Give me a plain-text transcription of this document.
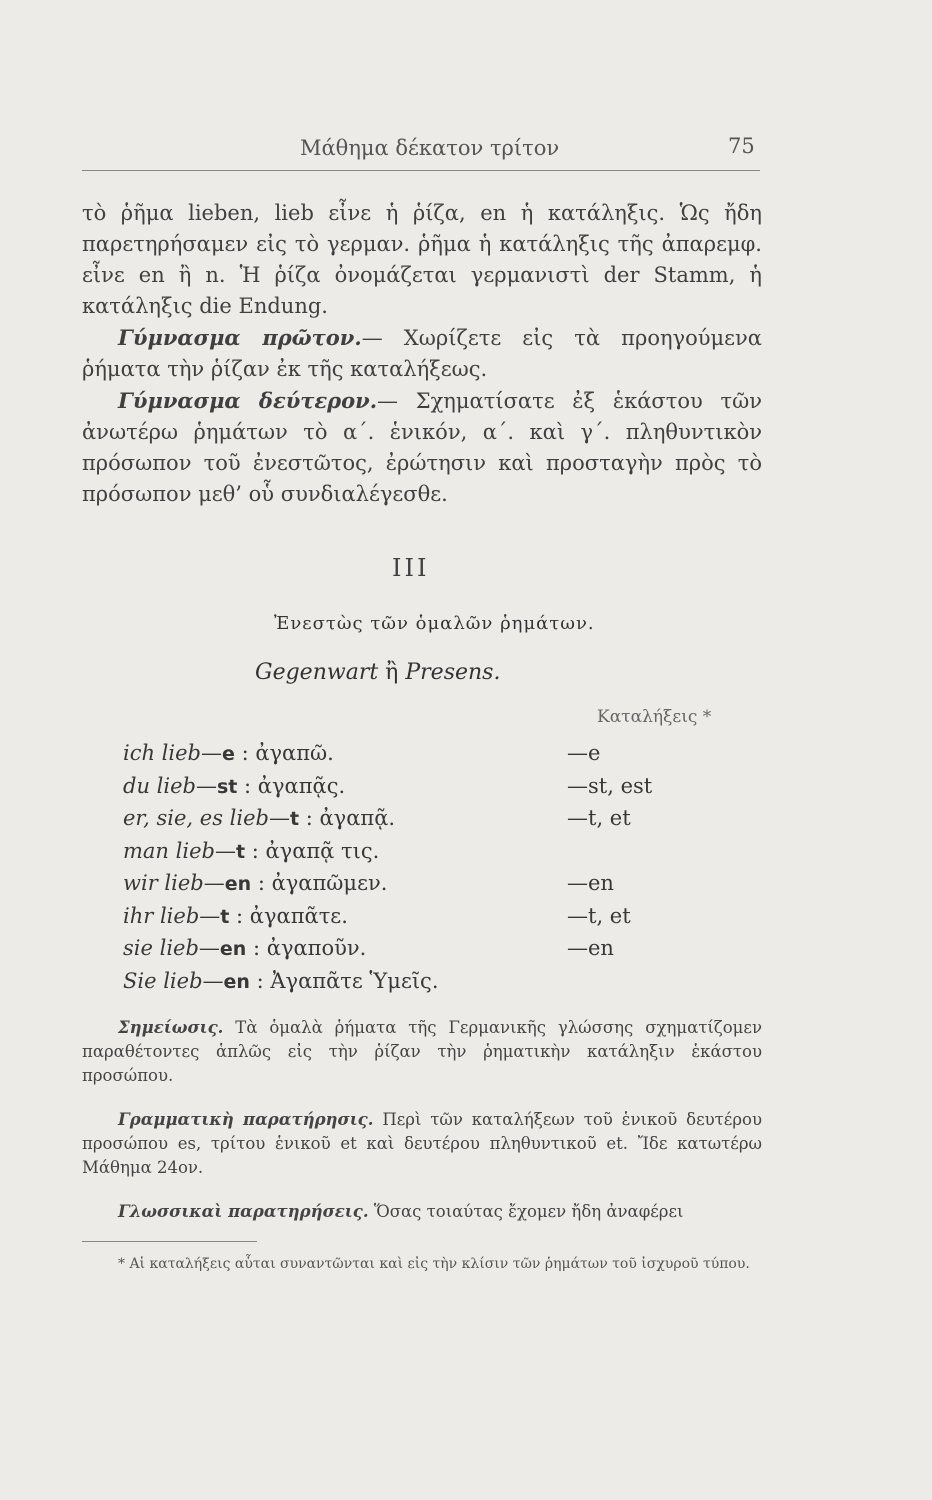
Μάθημα δέκατον τρίτον	75

τὸ ῥῆμα lieben, lieb εἶνε ἡ ῥίζα, en ἡ κατάληξις. Ὡς ἤδη παρετηρήσαμεν εἰς τὸ γερμαν. ῥῆμα ἡ κατάληξις τῆς ἀπαρεμφ. εἶνε en ἢ n. Ἡ ῥίζα ὀνομάζεται γερμανιστὶ der Stamm, ἡ κατάληξις die Endung.

Γύμνασμα πρῶτον.— Χωρίζετε εἰς τὰ προηγούμενα ῥήματα τὴν ῥίζαν ἐκ τῆς καταλήξεως.

Γύμνασμα δεύτερον.— Σχηματίσατε ἐξ ἑκάστου τῶν ἀνωτέρω ῥημάτων τὸ α΄. ἑνικόν, α΄. καὶ γ΄. πληθυντικὸν πρόσωπον τοῦ ἐνεστῶτος, ἐρώτησιν καὶ προσταγὴν πρὸς τὸ πρόσωπον μεθ’ οὗ συνδιαλέγεσθε.

III
Ἐνεστὼς τῶν ὁμαλῶν ῥημάτων.
Gegenwart ἢ Presens.
Καταλήξεις *
ich lieb—e : ἀγαπῶ.	—e
du lieb—st : ἀγαπᾷς.	—st, est
er, sie, es lieb—t : ἀγαπᾷ.	—t, et
man lieb—t : ἀγαπᾷ τις.
wir lieb—en : ἀγαπῶμεν.	—en
ihr lieb—t : ἀγαπᾶτε.	—t, et
sie lieb—en : ἀγαποῦν.	—en
Sie lieb—en : Ἀγαπᾶτε Ὑμεῖς.

Σημείωσις. Τὰ ὁμαλὰ ῥήματα τῆς Γερμανικῆς γλώσσης σχηματίζομεν παραθέτοντες ἁπλῶς εἰς τὴν ῥίζαν τὴν ῥηματικὴν κατάληξιν ἑκάστου προσώπου.

Γραμματικὴ παρατήρησις. Περὶ τῶν καταλήξεων τοῦ ἑνικοῦ δευτέρου προσώπου es, τρίτου ἑνικοῦ et καὶ δευτέρου πληθυντικοῦ et. Ἴδε κατωτέρω Μάθημα 24ον.

Γλωσσικαὶ παρατηρήσεις. Ὅσας τοιαύτας ἔχομεν ἤδη ἀναφέρει

* Αἱ καταλήξεις αὗται συναντῶνται καὶ εἰς τὴν κλίσιν τῶν ῥημάτων τοῦ ἰσχυροῦ τύπου.
